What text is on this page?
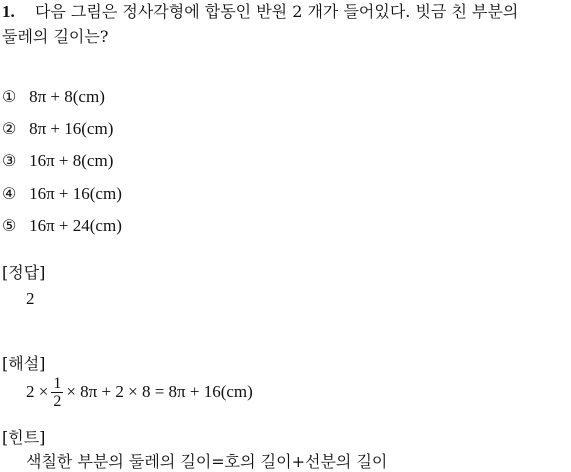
1. 다음 그림은 정사각형에 합동인 반원 2 개가 들어있다. 빗금 친 부분의
둘레의 길이는?
① 8π + 8(cm)
② 8π + 16(cm)
③ 16π + 8(cm)
④ 16π + 16(cm)
⑤ 16π + 24(cm)
[정답]
2
[해설]
$2 \times \frac{1}{2} \times 8\pi + 2 \times 8 = 8\pi + 16(cm)$
[힌트]
색칠한 부분의 둘레의 길이=호의 길이+선분의 길이
